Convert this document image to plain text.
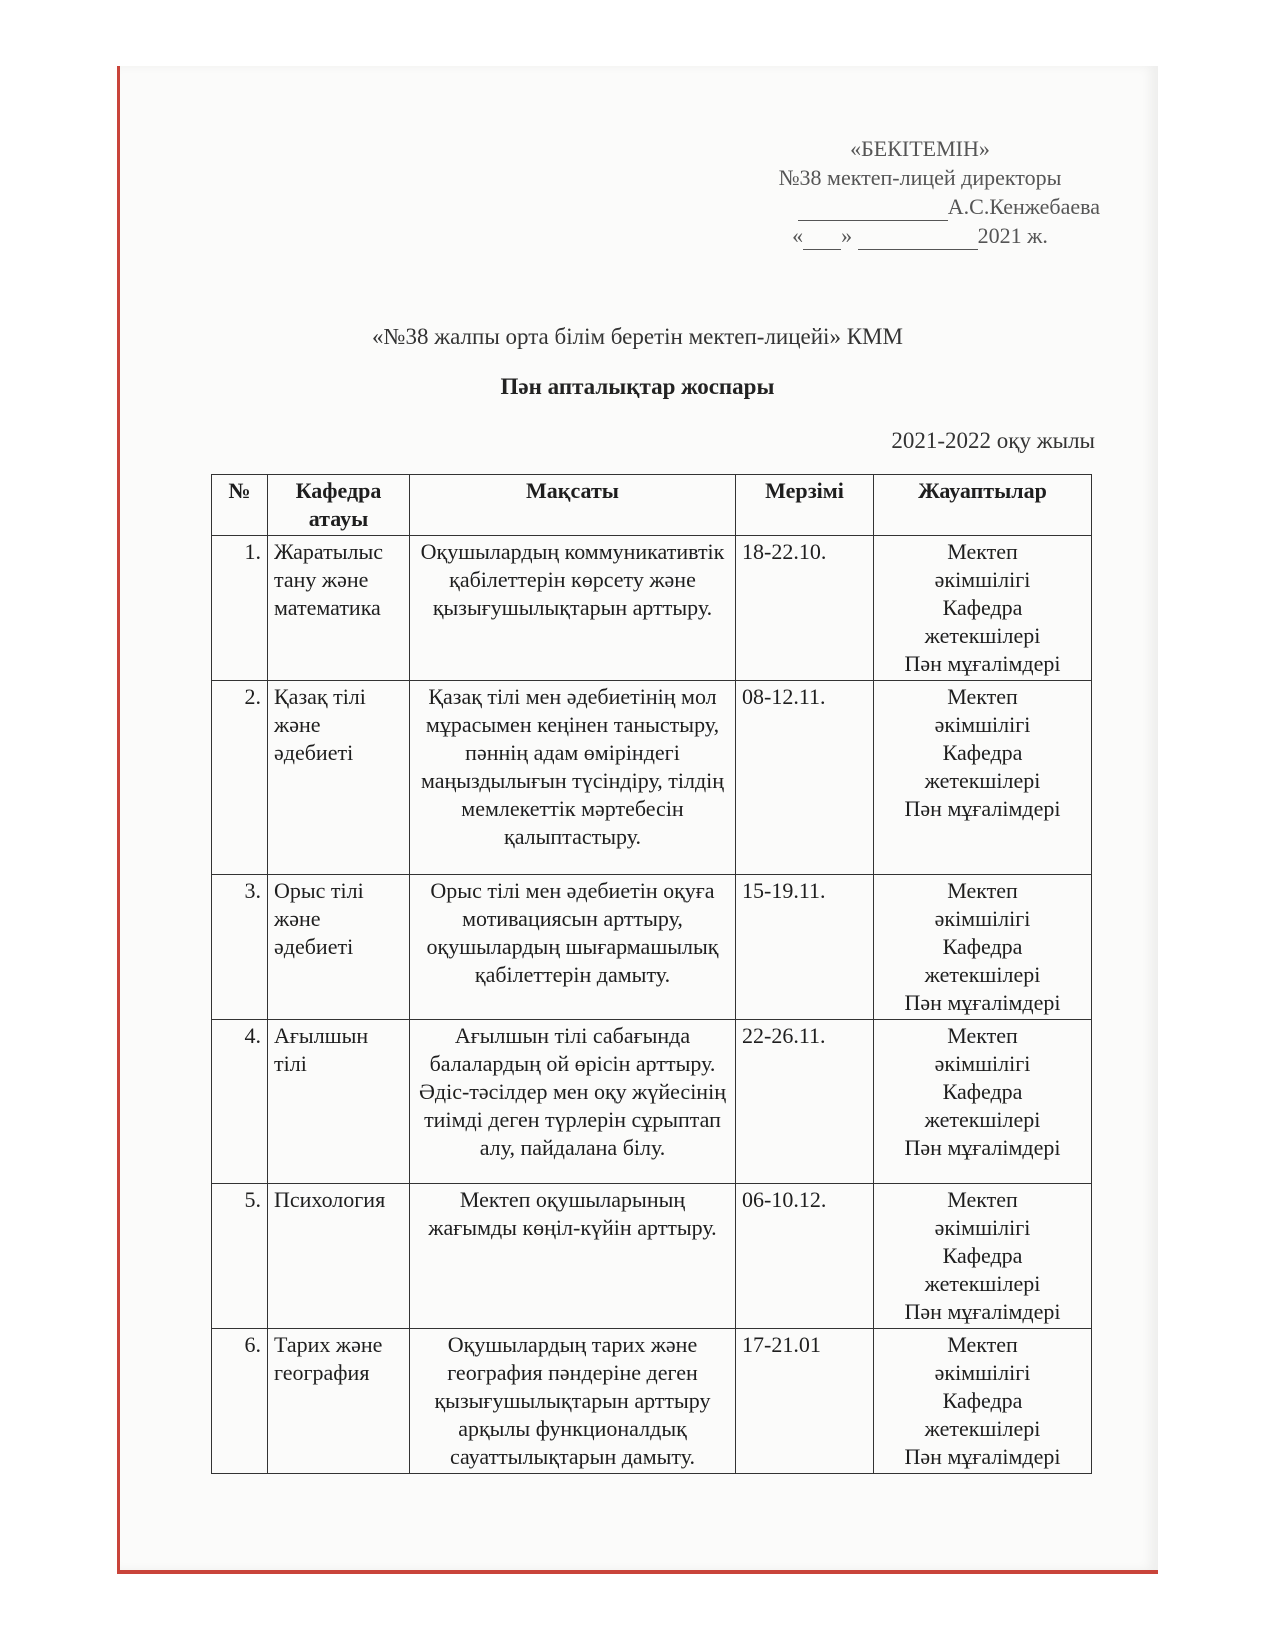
«БЕКІТЕМІН»
№38 мектеп-лицей директоры
А.С.Кенжебаева
« »	2021 ж.
«№38 жалпы орта білім беретін мектеп-лицейі» КММ
Пән апталықтар жоспары
2021-2022 оқу жылы
№	Кафедра атауы	Мақсаты	Мерзімі	Жауаптылар
1.	Жаратылыс тану және математика	Оқушылардың коммуникативтік қабілеттерін көрсету және қызығушылықтарын арттыру.	18-22.10.	Мектеп
әкімшілігі
Кафедра
жетекшілері
Пән мұғалімдері

2.	Қазақ тілі және әдебиеті	Қазақ тілі мен әдебиетінің мол мұрасымен кеңінен таныстыру, пәннің адам өміріндегі маңыздылығын түсіндіру, тілдің мемлекеттік мәртебесін қалыптастыру.	08-12.11.	Мектеп
әкімшілігі
Кафедра
жетекшілері
Пән мұғалімдері

3.	Орыс тілі және әдебиеті	Орыс тілі мен әдебиетін оқуға мотивациясын арттыру, оқушылардың шығармашылық қабілеттерін дамыту.	15-19.11.	Мектеп
әкімшілігі
Кафедра
жетекшілері
Пән мұғалімдері

4.	Ағылшын тілі	Ағылшын тілі сабағында балалардың ой өрісін арттыру. Әдіс-тәсілдер мен оқу жүйесінің тиімді деген түрлерін сұрыптап алу, пайдалана білу.	22-26.11.	Мектеп
әкімшілігі
Кафедра
жетекшілері
Пән мұғалімдері

5.	Психология	Мектеп оқушыларының жағымды көңіл-күйін арттыру.	06-10.12.	Мектеп
әкімшілігі
Кафедра
жетекшілері
Пән мұғалімдері

6.	Тарих және география	Оқушылардың тарих және география пәндеріне деген қызығушылықтарын арттыру арқылы функционалдық сауаттылықтарын дамыту.	17-21.01	Мектеп
әкімшілігі
Кафедра
жетекшілері
Пән мұғалімдері
